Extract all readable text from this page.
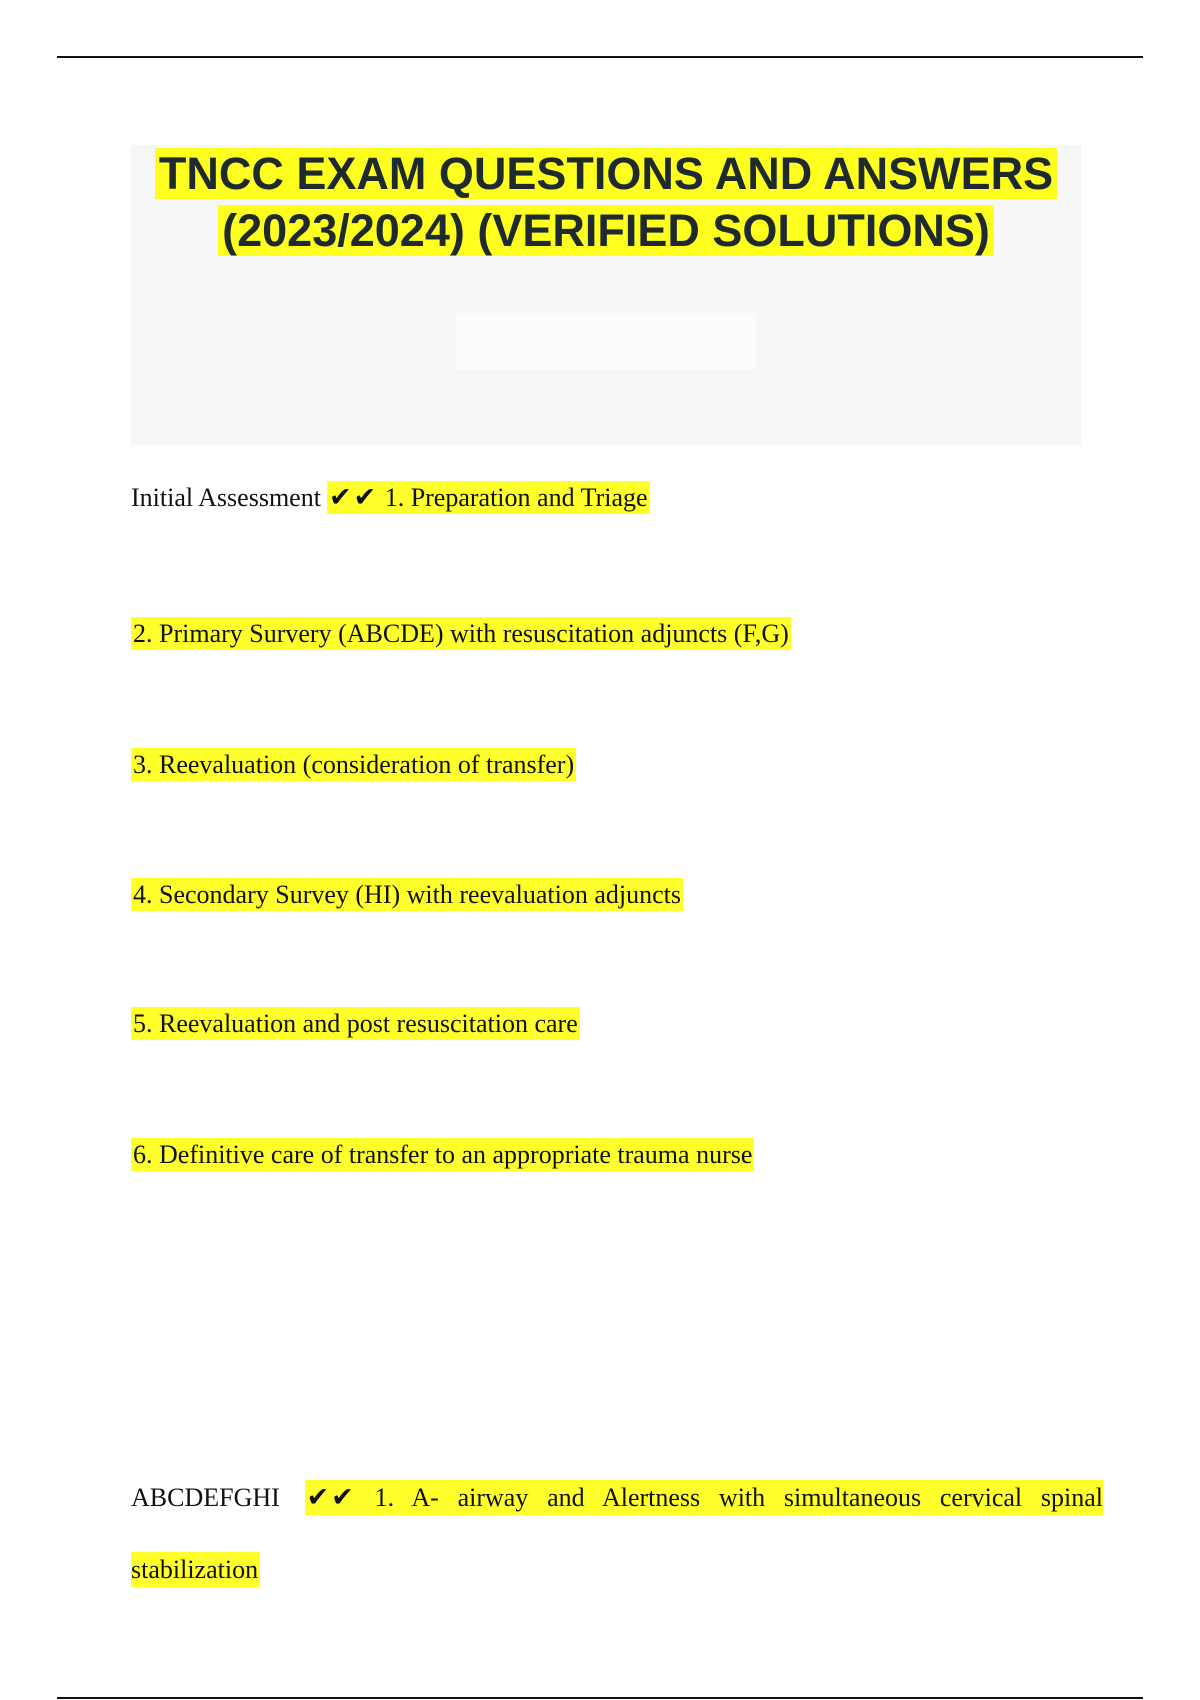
TNCC EXAM QUESTIONS AND ANSWERS (2023/2024) (VERIFIED SOLUTIONS)
Initial Assessment ✔✔ 1. Preparation and Triage
2. Primary Survery (ABCDE) with resuscitation adjuncts (F,G)
3. Reevaluation (consideration of transfer)
4. Secondary Survey (HI) with reevaluation adjuncts
5. Reevaluation and post resuscitation care
6. Definitive care of transfer to an appropriate trauma nurse
ABCDEFGHI ✔✔ 1. A- airway and Alertness with simultaneous cervical spinal stabilization
